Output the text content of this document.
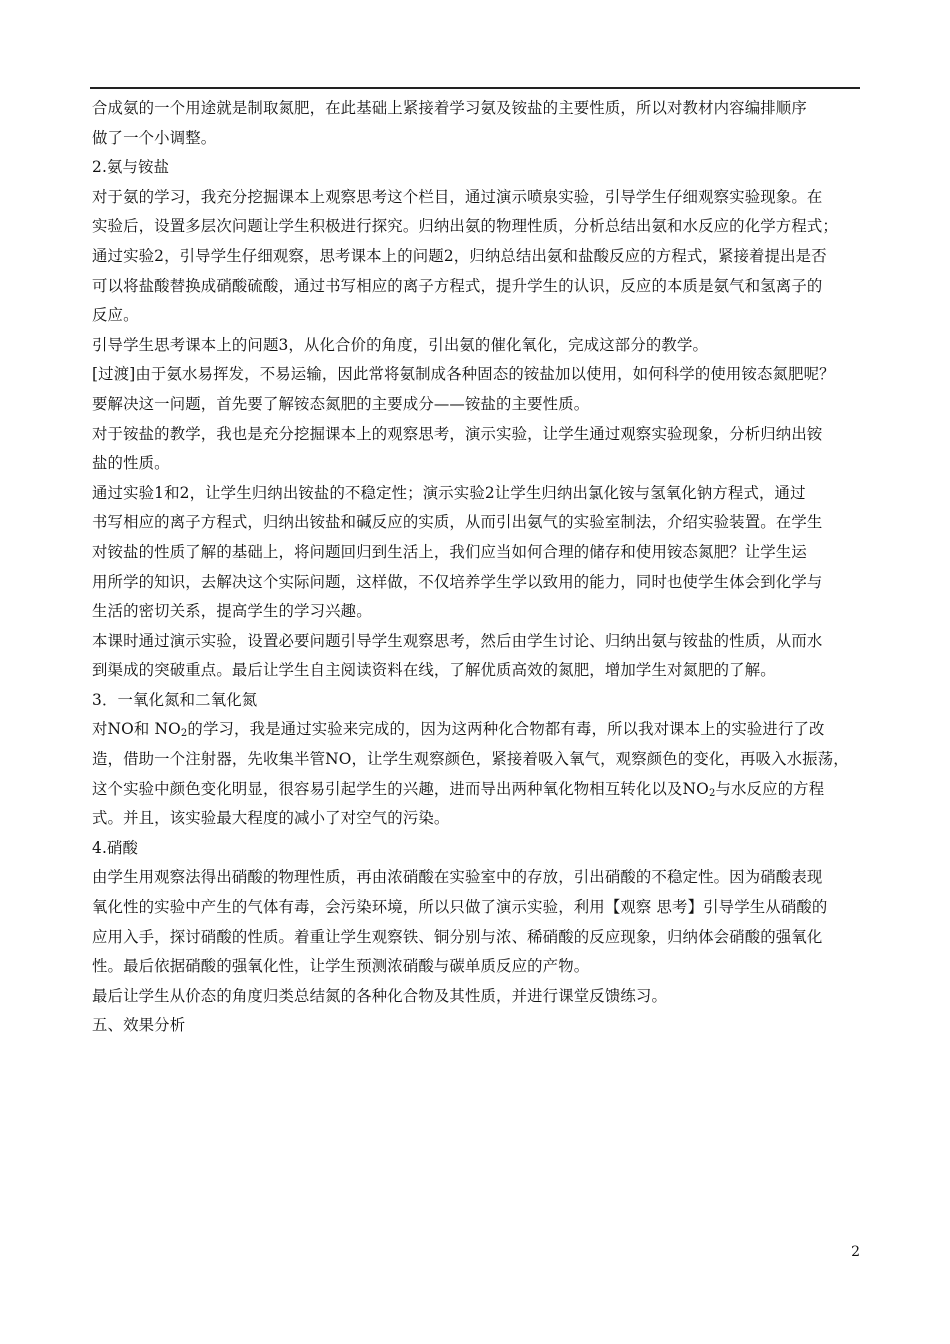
合成氨的一个用途就是制取氮肥，在此基础上紧接着学习氨及铵盐的主要性质，所以对教材内容编排顺序
做了一个小调整。
2.氨与铵盐
对于氨的学习，我充分挖掘课本上观察思考这个栏目，通过演示喷泉实验，引导学生仔细观察实验现象。在
实验后，设置多层次问题让学生积极进行探究。归纳出氨的物理性质，分析总结出氨和水反应的化学方程式；
通过实验2，引导学生仔细观察，思考课本上的问题2，归纳总结出氨和盐酸反应的方程式，紧接着提出是否
可以将盐酸替换成硝酸硫酸，通过书写相应的离子方程式，提升学生的认识，反应的本质是氨气和氢离子的
反应。
引导学生思考课本上的问题3，从化合价的角度，引出氨的催化氧化，完成这部分的教学。
[过渡]由于氨水易挥发，不易运输，因此常将氨制成各种固态的铵盐加以使用，如何科学的使用铵态氮肥呢？
要解决这一问题，首先要了解铵态氮肥的主要成分——铵盐的主要性质。
对于铵盐的教学，我也是充分挖掘课本上的观察思考，演示实验，让学生通过观察实验现象，分析归纳出铵
盐的性质。
通过实验1和2，让学生归纳出铵盐的不稳定性；演示实验2让学生归纳出氯化铵与氢氧化钠方程式，通过
书写相应的离子方程式，归纳出铵盐和碱反应的实质，从而引出氨气的实验室制法，介绍实验装置。在学生
对铵盐的性质了解的基础上，将问题回归到生活上，我们应当如何合理的储存和使用铵态氮肥？让学生运
用所学的知识，去解决这个实际问题，这样做，不仅培养学生学以致用的能力，同时也使学生体会到化学与
生活的密切关系，提高学生的学习兴趣。
本课时通过演示实验，设置必要问题引导学生观察思考，然后由学生讨论、归纳出氨与铵盐的性质，从而水
到渠成的突破重点。最后让学生自主阅读资料在线，了解优质高效的氮肥，增加学生对氮肥的了解。
3．一氧化氮和二氧化氮
对NO和 $NO_2$的学习，我是通过实验来完成的，因为这两种化合物都有毒，所以我对课本上的实验进行了改
造，借助一个注射器，先收集半管NO，让学生观察颜色，紧接着吸入氧气，观察颜色的变化，再吸入水振荡，
这个实验中颜色变化明显，很容易引起学生的兴趣，进而导出两种氧化物相互转化以及$NO_2$与水反应的方程
式。并且，该实验最大程度的减小了对空气的污染。
4.硝酸
由学生用观察法得出硝酸的物理性质，再由浓硝酸在实验室中的存放，引出硝酸的不稳定性。因为硝酸表现
氧化性的实验中产生的气体有毒，会污染环境，所以只做了演示实验，利用【观察 思考】引导学生从硝酸的
应用入手，探讨硝酸的性质。着重让学生观察铁、铜分别与浓、稀硝酸的反应现象，归纳体会硝酸的强氧化
性。最后依据硝酸的强氧化性，让学生预测浓硝酸与碳单质反应的产物。
最后让学生从价态的角度归类总结氮的各种化合物及其性质，并进行课堂反馈练习。
五、效果分析
2
